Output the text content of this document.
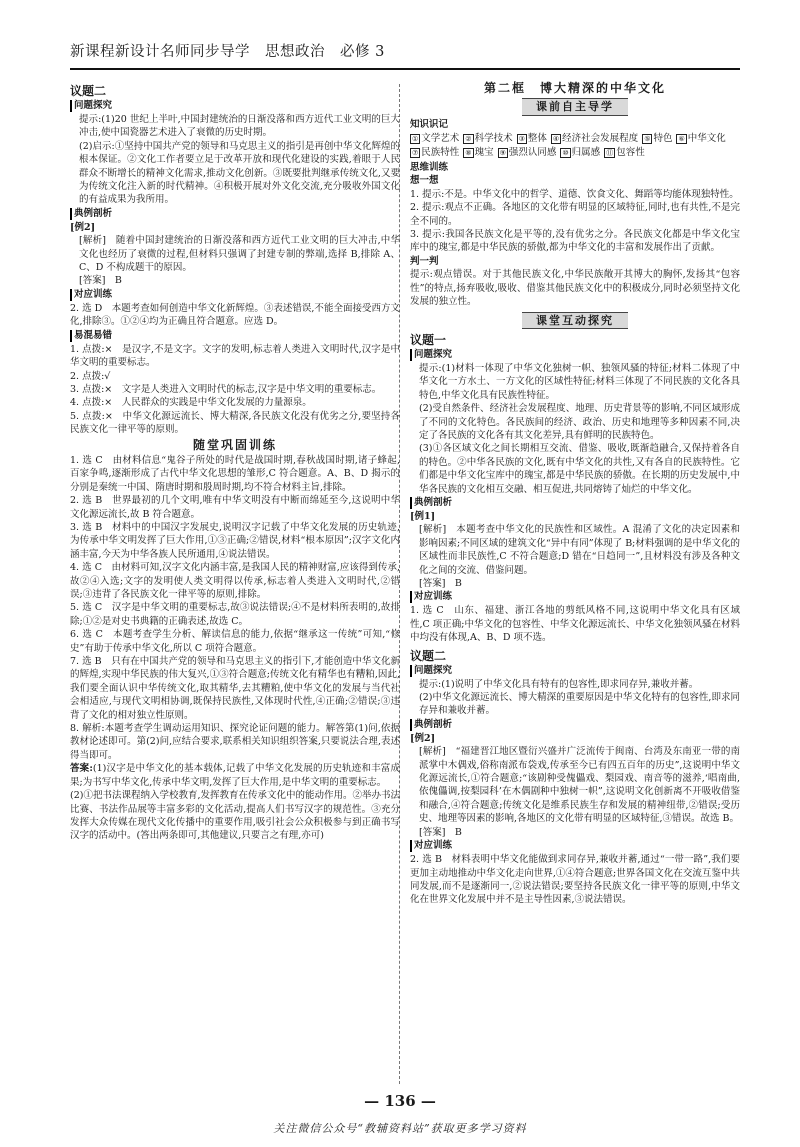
新课程新设计名师同步导学　思想政治　必修 3
议题二
问题探究

提示:(1)20 世纪上半叶,中国封建统治的日渐没落和西方近代工业文明的巨大冲击,使中国瓷器艺术进入了衰微的历史时期。

(2)启示:①坚持中国共产党的领导和马克思主义的指引是再创中华文化辉煌的根本保证。②文化工作者要立足于改革开放和现代化建设的实践,着眼于人民群众不断增长的精神文化需求,推动文化创新。③既要批判继承传统文化,又要为传统文化注入新的时代精神。④积极开展对外文化交流,充分吸收外国文化的有益成果为我所用。

典例剖析
[例2]

[解析]　随着中国封建统治的日渐没落和西方近代工业文明的巨大冲击,中华文化也经历了衰微的过程,但材料只强调了封建专制的弊端,选择 B,排除 A、C、D 不构成题干的原因。

[答案]　B

对应训练

2. 选 D　本题考查如何创造中华文化新辉煌。③表述错误,不能全面接受西方文化,排除③。①②④均为正确且符合题意。应选 D。

易混易错

1. 点拨:×　是汉字,不是文字。文字的发明,标志着人类进入文明时代,汉字是中华文明的重要标志。

2. 点拨:√

3. 点拨:×　文字是人类进入文明时代的标志,汉字是中华文明的重要标志。

4. 点拨:×　人民群众的实践是中华文化发展的力量源泉。

5. 点拨:×　中华文化源远流长、博大精深,各民族文化没有优劣之分,要坚持各民族文化一律平等的原则。

随堂巩固训练

1. 选 C　由材料信息“鬼谷子所处的时代是战国时期,春秋战国时期,诸子蜂起,百家争鸣,逐渐形成了古代中华文化思想的雏形,C 符合题意。A、B、D 揭示的分别是秦统一中国、隋唐时期和殷周时期,均不符合材料主旨,排除。

2. 选 B　世界最初的几个文明,唯有中华文明没有中断而绵延至今,这说明中华文化源远流长,故 B 符合题意。

3. 选 B　材料中的中国汉字发展史,说明汉字记载了中华文化发展的历史轨迹,为传承中华文明发挥了巨大作用,①③正确;②错误,材料“根本原因”;汉字文化内涵丰富,今天为中华各族人民所通用,④说法错误。

4. 选 C　由材料可知,汉字文化内涵丰富,是我国人民的精神财富,应该得到传承,故②④入选;文字的发明使人类文明得以传承,标志着人类进入文明时代,②错误;③违背了各民族文化一律平等的原则,排除。

5. 选 C　汉字是中华文明的重要标志,故③说法错误;④不是材料所表明的,故排除;①②是对史书典籍的正确表述,故选 C。

6. 选 C　本题考查学生分析、解读信息的能力,依据“继承这一传统”可知,“修史”有助于传承中华文化,所以 C 项符合题意。

7. 选 B　只有在中国共产党的领导和马克思主义的指引下,才能创造中华文化新的辉煌,实现中华民族的伟大复兴,①③符合题意;传统文化有精华也有糟粕,因此,我们要全面认识中华传统文化,取其精华,去其糟粕,使中华文化的发展与当代社会相适应,与现代文明相协调,既保持民族性,又体现时代性,④正确;②错误;③违背了文化的相对独立性原则。

8. 解析:本题考查学生调动运用知识、探究论证问题的能力。解答第(1)问,依据教材论述即可。第(2)问,应结合要求,联系相关知识组织答案,只要说法合理,表述得当即可。

答案:(1)汉字是中华文化的基本载体,记载了中华文化发展的历史轨迹和丰富成果;为书写中华文化,传承中华文明,发挥了巨大作用,是中华文明的重要标志。

(2)①把书法课程纳入学校教育,发挥教育在传承文化中的能动作用。②举办书法比赛、书法作品展等丰富多彩的文化活动,提高人们书写汉字的规范性。③充分发挥大众传媒在现代文化传播中的重要作用,吸引社会公众积极参与到正确书写汉字的活动中。(答出两条即可,其他建议,只要言之有理,亦可)

第二框　博大精深的中华文化
课前自主导学
知识识记
① 文学艺术 ② 科学技术 ③ 整体 ④ 经济社会发展程度 ⑤ 特色 ⑥ 中华文化⑦ 民族特性 ⑧ 瑰宝 ⑨ 强烈认同感 ⑩ 归属感 ⑪ 包容性
思维训练
想一想

1. 提示:不是。中华文化中的哲学、道德、饮食文化、舞蹈等均能体现独特性。

2. 提示:观点不正确。各地区的文化带有明显的区域特征,同时,也有共性,不是完全不同的。

3. 提示:我国各民族文化是平等的,没有优劣之分。各民族文化都是中华文化宝库中的瑰宝,都是中华民族的骄傲,都为中华文化的丰富和发展作出了贡献。

判一判

提示:观点错误。对于其他民族文化,中华民族敞开其博大的胸怀,发扬其“包容性”的特点,扬弃吸收,吸收、借鉴其他民族文化中的积极成分,同时必须坚持文化发展的独立性。

课堂互动探究
议题一
问题探究

提示:(1)材料一体现了中华文化独树一帜、独领风骚的特征;材料二体现了中华文化一方水土、一方文化的区域性特征;材料三体现了不同民族的文化各具特色,中华文化具有民族性特征。

(2)受自然条件、经济社会发展程度、地理、历史背景等的影响,不同区域形成了不同的文化特色。各民族间的经济、政治、历史和地理等多种因素不同,决定了各民族的文化各有其文化差异,具有鲜明的民族特色。

(3)①各区域文化之间长期相互交流、借鉴、吸收,既渐趋融合,又保持着各自的特色。②中华各民族的文化,既有中华文化的共性,又有各自的民族特性。它们都是中华文化宝库中的瑰宝,都是中华民族的骄傲。在长期的历史发展中,中华各民族的文化相互交融、相互促进,共同熔铸了灿烂的中华文化。

典例剖析
[例1]

[解析]　本题考查中华文化的民族性和区域性。A 混淆了文化的决定因素和影响因素;不同区域的建筑文化“异中有同”体现了 B;材料强调的是中华文化的区域性而非民族性,C 不符合题意;D 错在“日趋同一”,且材料没有涉及各种文化之间的交流、借鉴问题。

[答案]　B

对应训练

1. 选 C　山东、福建、浙江各地的剪纸风格不同,这说明中华文化具有区域性,C 项正确;中华文化的包容性、中华文化源远流长、中华文化独领风骚在材料中均没有体现,A、B、D 项不选。

议题二
问题探究

提示:(1)说明了中华文化具有特有的包容性,即求同存异,兼收并蓄。

(2)中华文化源远流长、博大精深的重要原因是中华文化特有的包容性,即求同存异和兼收并蓄。

典例剖析
[例2]

[解析]　“福建晋江地区暨衍兴盛并广泛流传于闽南、台湾及东南亚一带的南派掌中木偶戏,俗称南派布袋戏,传承至今已有四五百年的历史”,这说明中华文化源远流长,①符合题意;“该剧种受傀儡戏、梨园戏、南音等的滋养,‘唱南曲,依傀儡调,按梨园科’在木偶剧种中独树一帜”,这说明文化创新离不开吸收借鉴和融合,④符合题意;传统文化是维系民族生存和发展的精神纽带,②错误;受历史、地理等因素的影响,各地区的文化带有明显的区域特征,③错误。故选 B。

[答案]　B

对应训练

2. 选 B　材料表明中华文化能做到求同存异,兼收并蓄,通过“一带一路”,我们要更加主动地推动中华文化走向世界,①④符合题意;世界各国文化在交流互鉴中共同发展,而不是逐渐同一,②说法错误;要坚持各民族文化一律平等的原则,中华文化在世界文化发展中并不是主导性因素,③说法错误。

— 136 —
关注微信公众号“教辅资料站”获取更多学习资料
